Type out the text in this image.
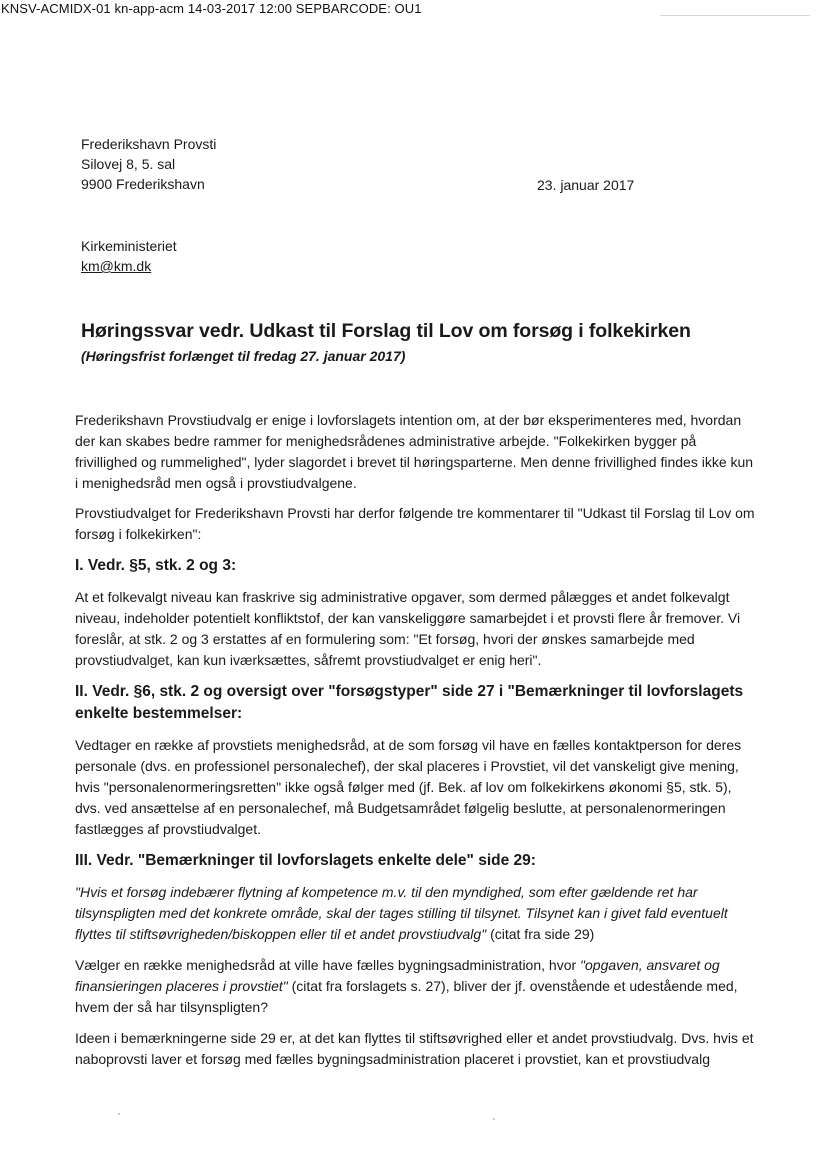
KNSV-ACMIDX-01 kn-app-acm 14-03-2017 12:00 SEPBARCODE: OU1
Frederikshavn Provsti
Silovej 8, 5. sal
9900 Frederikshavn	23. januar 2017
Kirkeministeriet
km@km.dk
Høringssvar vedr. Udkast til Forslag til Lov om forsøg i folkekirken
(Høringsfrist forlænget til fredag 27. januar 2017)

Frederikshavn Provstiudvalg er enige i lovforslagets intention om, at der bør eksperimenteres med, hvordan der kan skabes bedre rammer for menighedsrådenes administrative arbejde. "Folkekirken bygger på frivillighed og rummelighed", lyder slagordet i brevet til høringsparterne. Men denne frivillighed findes ikke kun i menighedsråd men også i provstiudvalgene.

Provstiudvalget for Frederikshavn Provsti har derfor følgende tre kommentarer til "Udkast til Forslag til Lov om forsøg i folkekirken":

I. Vedr. §5, stk. 2 og 3:

At et folkevalgt niveau kan fraskrive sig administrative opgaver, som dermed pålægges et andet folkevalgt niveau, indeholder potentielt konfliktstof, der kan vanskeliggøre samarbejdet i et provsti flere år fremover. Vi foreslår, at stk. 2 og 3 erstattes af en formulering som: "Et forsøg, hvori der ønskes samarbejde med provstiudvalget, kan kun iværksættes, såfremt provstiudvalget er enig heri".

II. Vedr. §6, stk. 2 og oversigt over "forsøgstyper" side 27 i "Bemærkninger til lovforslagets enkelte bestemmelser:

Vedtager en række af provstiets menighedsråd, at de som forsøg vil have en fælles kontaktperson for deres personale (dvs. en professionel personalechef), der skal placeres i Provstiet, vil det vanskeligt give mening, hvis "personalenormeringsretten" ikke også følger med (jf. Bek. af lov om folkekirkens økonomi §5, stk. 5), dvs. ved ansættelse af en personalechef, må Budgetsamrådet følgelig beslutte, at personalenormeringen fastlægges af provstiudvalget.

III. Vedr. "Bemærkninger til lovforslagets enkelte dele" side 29:

"Hvis et forsøg indebærer flytning af kompetence m.v. til den myndighed, som efter gældende ret har tilsynspligten med det konkrete område, skal der tages stilling til tilsynet. Tilsynet kan i givet fald eventuelt flyttes til stiftsøvrigheden/biskoppen eller til et andet provstiudvalg" (citat fra side 29)

Vælger en række menighedsråd at ville have fælles bygningsadministration, hvor "opgaven, ansvaret og finansieringen placeres i provstiet" (citat fra forslagets s. 27), bliver der jf. ovenstående et udestående med, hvem der så har tilsynspligten?

Ideen i bemærkningerne side 29 er, at det kan flyttes til stiftsøvrighed eller et andet provstiudvalg. Dvs. hvis et naboprovsti laver et forsøg med fælles bygningsadministration placeret i provstiet, kan et provstiudvalg
